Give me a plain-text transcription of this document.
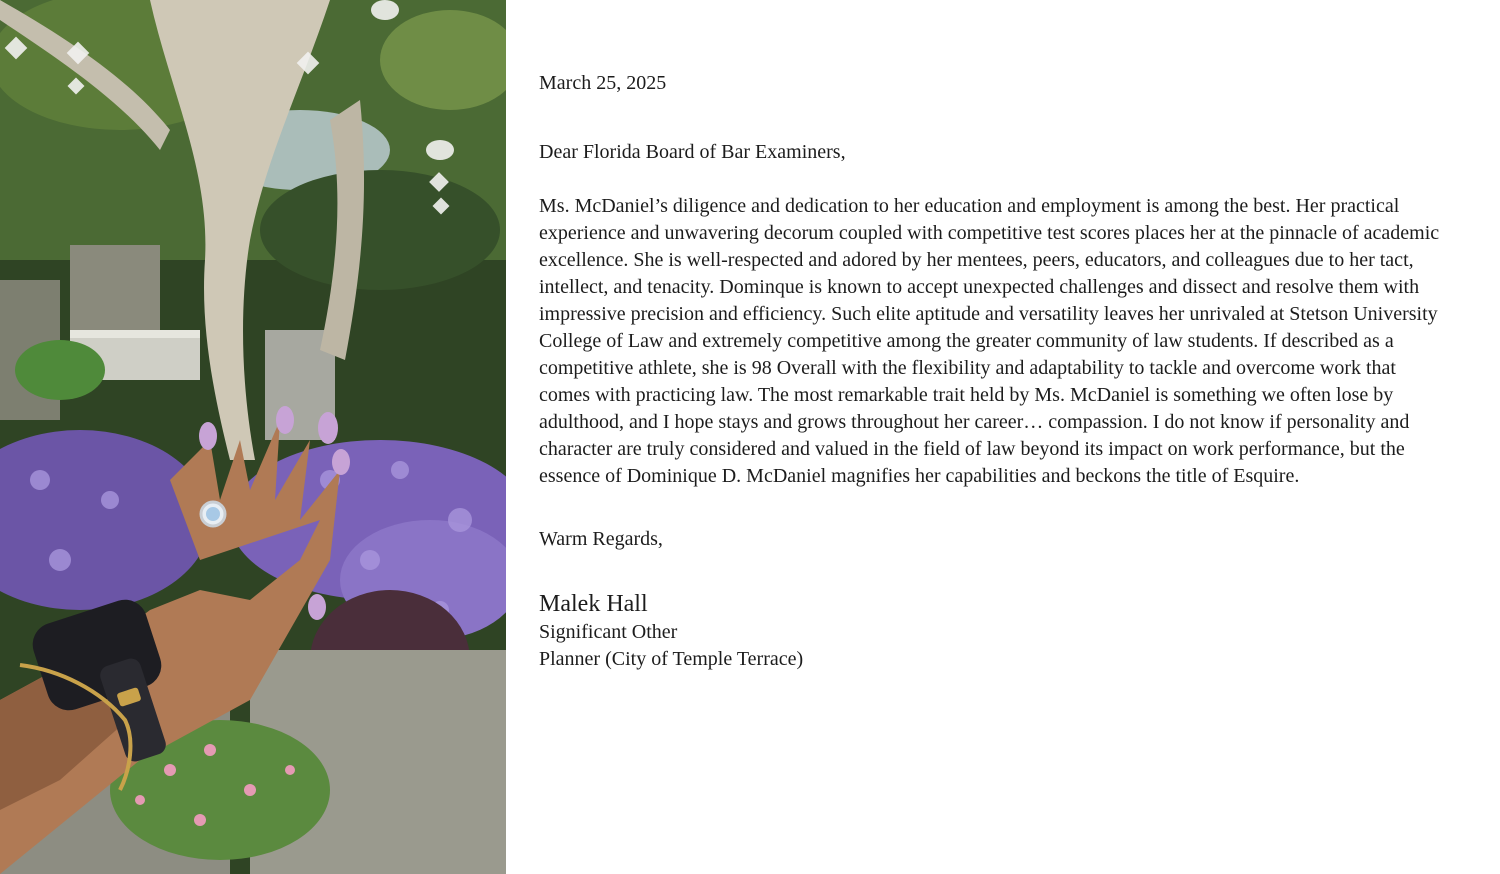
March 25, 2025

Dear Florida Board of Bar Examiners,

Ms. McDaniel’s diligence and dedication to her education and employment is among the best. Her practical experience and unwavering decorum coupled with competitive test scores places her at the pinnacle of academic excellence. She is well-respected and adored by her mentees, peers, educators, and colleagues due to her tact, intellect, and tenacity. Dominque is known to accept unexpected challenges and dissect and resolve them with impressive precision and efficiency. Such elite aptitude and versatility leaves her unrivaled at Stetson University College of Law and extremely competitive among the greater community of law students. If described as a competitive athlete, she is 98 Overall with the flexibility and adaptability to tackle and overcome work that comes with practicing law. The most remarkable trait held by Ms. McDaniel is something we often lose by adulthood, and I hope stays and grows throughout her career… compassion. I do not know if personality and character are truly considered and valued in the field of law beyond its impact on work performance, but the essence of Dominique D. McDaniel magnifies her capabilities and beckons the title of Esquire.

Warm Regards,

Malek Hall

Significant Other

Planner (City of Temple Terrace)
